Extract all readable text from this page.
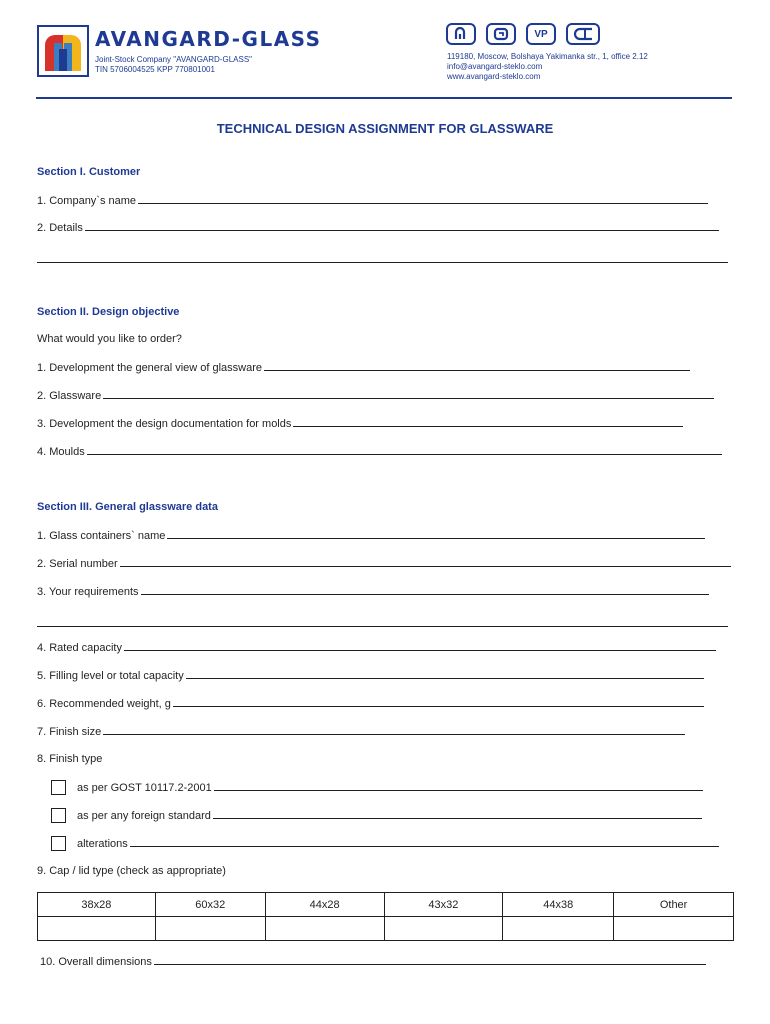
AVANGARD-GLASS
Joint-Stock Company "AVANGARD-GLASS"
TIN 5706004525 KPP 770801001
VP
119180, Moscow, Bolshaya Yakimanka str., 1, office 2.12
info@avangard-steklo.com
www.avangard-steklo.com
TECHNICAL DESIGN ASSIGNMENT FOR GLASSWARE
Section I. Customer
1. Company`s name
2. Details
Section II. Design objective
What would you like to order?
1. Development the general view of glassware
2. Glassware
3. Development the design documentation for molds
4. Moulds
Section III. General glassware data
1. Glass containers` name
2. Serial number
3. Your requirements
4. Rated capacity
5. Filling level or total capacity
6. Recommended weight, g
7. Finish size
8. Finish type
as per GOST 10117.2-2001
as per any foreign standard
alterations
9. Cap / lid type (check as appropriate)
38x28	60x32	44x28	43x32	44x38	Other

10. Overall dimensions
